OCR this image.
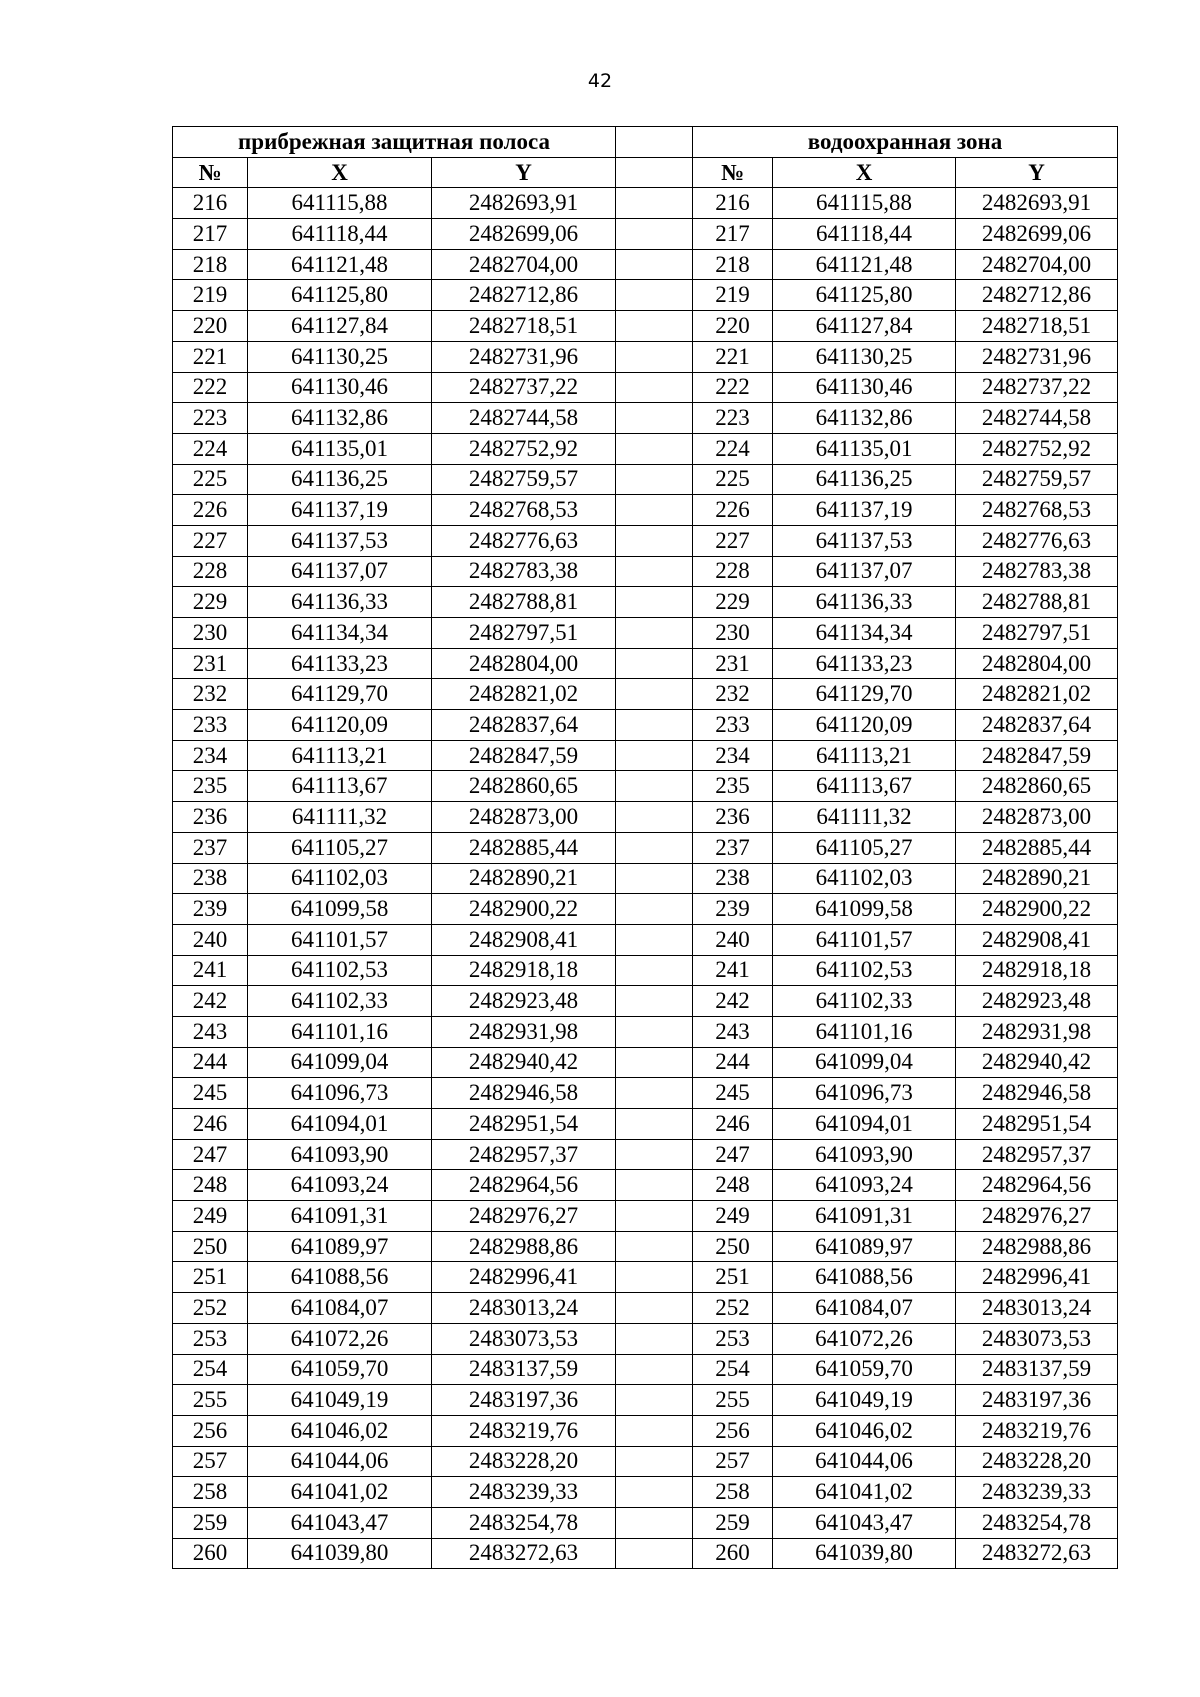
42
прибрежная защитная полоса				водоохранная зона		
№	X	Y		№	X	Y
216	641115,88	2482693,91		216	641115,88	2482693,91
217	641118,44	2482699,06		217	641118,44	2482699,06
218	641121,48	2482704,00		218	641121,48	2482704,00
219	641125,80	2482712,86		219	641125,80	2482712,86
220	641127,84	2482718,51		220	641127,84	2482718,51
221	641130,25	2482731,96		221	641130,25	2482731,96
222	641130,46	2482737,22		222	641130,46	2482737,22
223	641132,86	2482744,58		223	641132,86	2482744,58
224	641135,01	2482752,92		224	641135,01	2482752,92
225	641136,25	2482759,57		225	641136,25	2482759,57
226	641137,19	2482768,53		226	641137,19	2482768,53
227	641137,53	2482776,63		227	641137,53	2482776,63
228	641137,07	2482783,38		228	641137,07	2482783,38
229	641136,33	2482788,81		229	641136,33	2482788,81
230	641134,34	2482797,51		230	641134,34	2482797,51
231	641133,23	2482804,00		231	641133,23	2482804,00
232	641129,70	2482821,02		232	641129,70	2482821,02
233	641120,09	2482837,64		233	641120,09	2482837,64
234	641113,21	2482847,59		234	641113,21	2482847,59
235	641113,67	2482860,65		235	641113,67	2482860,65
236	641111,32	2482873,00		236	641111,32	2482873,00
237	641105,27	2482885,44		237	641105,27	2482885,44
238	641102,03	2482890,21		238	641102,03	2482890,21
239	641099,58	2482900,22		239	641099,58	2482900,22
240	641101,57	2482908,41		240	641101,57	2482908,41
241	641102,53	2482918,18		241	641102,53	2482918,18
242	641102,33	2482923,48		242	641102,33	2482923,48
243	641101,16	2482931,98		243	641101,16	2482931,98
244	641099,04	2482940,42		244	641099,04	2482940,42
245	641096,73	2482946,58		245	641096,73	2482946,58
246	641094,01	2482951,54		246	641094,01	2482951,54
247	641093,90	2482957,37		247	641093,90	2482957,37
248	641093,24	2482964,56		248	641093,24	2482964,56
249	641091,31	2482976,27		249	641091,31	2482976,27
250	641089,97	2482988,86		250	641089,97	2482988,86
251	641088,56	2482996,41		251	641088,56	2482996,41
252	641084,07	2483013,24		252	641084,07	2483013,24
253	641072,26	2483073,53		253	641072,26	2483073,53
254	641059,70	2483137,59		254	641059,70	2483137,59
255	641049,19	2483197,36		255	641049,19	2483197,36
256	641046,02	2483219,76		256	641046,02	2483219,76
257	641044,06	2483228,20		257	641044,06	2483228,20
258	641041,02	2483239,33		258	641041,02	2483239,33
259	641043,47	2483254,78		259	641043,47	2483254,78
260	641039,80	2483272,63		260	641039,80	2483272,63
